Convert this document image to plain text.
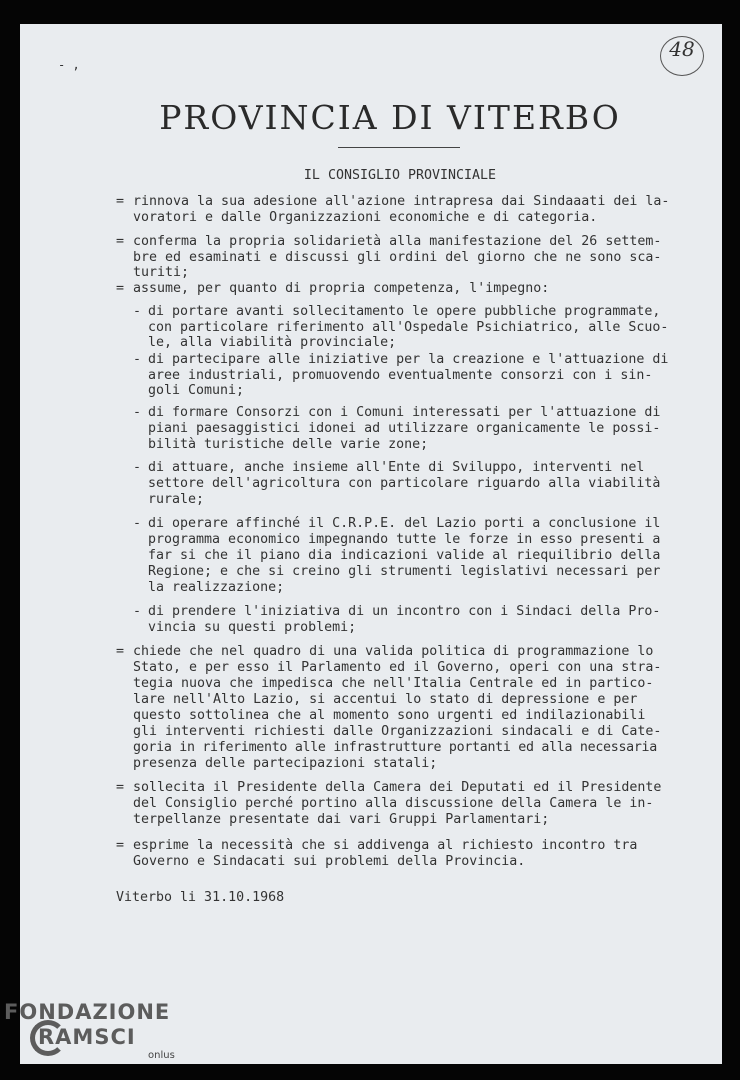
- ,
48
PROVINCIA DI VITERBO
IL CONSIGLIO PROVINCIALE
= rinnova la sua adesione all'azione intrapresa dai Sindaaati dei la-
voratori e dalle Organizzazioni economiche e di categoria.
= conferma la propria solidarietà alla manifestazione del 26 settem-
bre ed esaminati e discussi gli ordini del giorno che ne sono sca-
turiti;
= assume, per quanto di propria competenza, l'impegno:
- di portare avanti sollecitamento le opere pubbliche programmate,
con particolare riferimento all'Ospedale Psichiatrico, alle Scuo-
le, alla viabilità provinciale;
- di partecipare alle iniziative per la creazione e l'attuazione di
aree industriali, promuovendo eventualmente consorzi con i sin-
goli Comuni;
- di formare Consorzi con i Comuni interessati per l'attuazione di
piani paesaggistici idonei ad utilizzare organicamente le possi-
bilità turistiche delle varie zone;
- di attuare, anche insieme all'Ente di Sviluppo, interventi nel
settore dell'agricoltura con particolare riguardo alla viabilità
rurale;
- di operare affinché il C.R.P.E. del Lazio porti a conclusione il
programma economico impegnando tutte le forze in esso presenti a
far si che il piano dia indicazioni valide al riequilibrio della
Regione; e che si creino gli strumenti legislativi necessari per
la realizzazione;
- di prendere l'iniziativa di un incontro con i Sindaci della Pro-
vincia su questi problemi;
= chiede che nel quadro di una valida politica di programmazione lo
Stato, e per esso il Parlamento ed il Governo, operi con una stra-
tegia nuova che impedisca che nell'Italia Centrale ed in partico-
lare nell'Alto Lazio, si accentui lo stato di depressione e per
questo sottolinea che al momento sono urgenti ed indilazionabili
gli interventi richiesti dalle Organizzazioni sindacali e di Cate-
goria in riferimento alle infrastrutture portanti ed alla necessaria
presenza delle partecipazioni statali;
= sollecita il Presidente della Camera dei Deputati ed il Presidente
del Consiglio perché portino alla discussione della Camera le in-
terpellanze presentate dai vari Gruppi Parlamentari;
= esprime la necessità che si addivenga al richiesto incontro tra
Governo e Sindacati sui problemi della Provincia.
Viterbo li 31.10.1968
FONDAZIONE
RAMSCI
onlus
